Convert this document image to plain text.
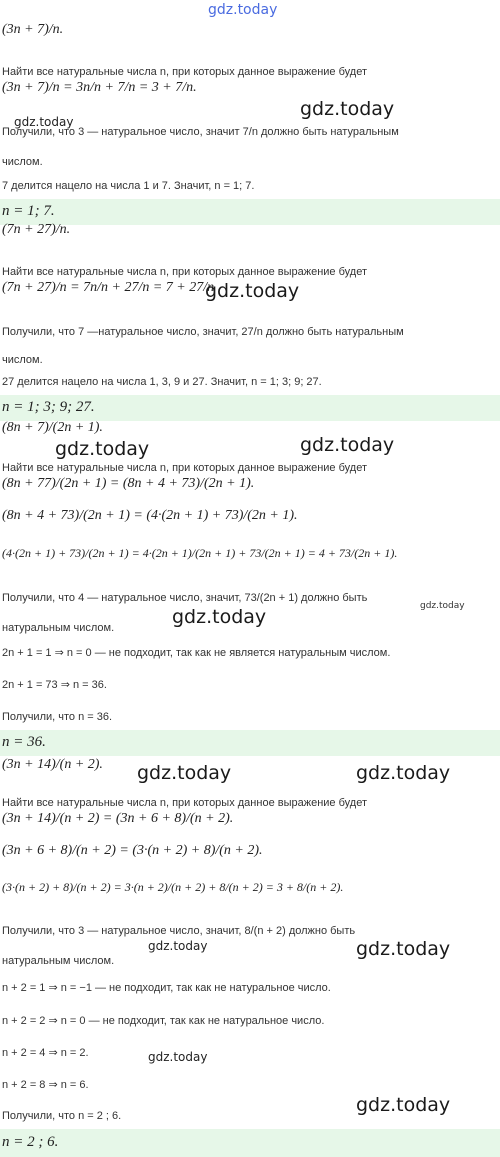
gdz.today
(3n + 7)/n.
Найти все натуральные числа n, при которых данное выражение будет
(3n + 7)/n = 3n/n + 7/n = 3 + 7/n.
gdz.today
Получили, что 3 — натуральное число, значит 7/n должно быть натуральным
gdz.today
числом.
7 делится нацело на числа 1 и 7. Значит, n = 1; 7.
n = 1; 7.
(7n + 27)/n.
Найти все натуральные числа n, при которых данное выражение будет
(7n + 27)/n = 7n/n + 27/n = 7 + 27/n
gdz.today
Получили, что 7 —натуральное число, значит, 27/n должно быть натуральным
числом.
27 делится нацело на числа 1, 3, 9 и 27. Значит, n = 1; 3; 9; 27.
n = 1; 3; 9; 27.
(8n + 7)/(2n + 1).
gdz.today	gdz.today
Найти все натуральные числа n, при которых данное выражение будет
(8n + 77)/(2n + 1) = (8n + 4 + 73)/(2n + 1).
(8n + 4 + 73)/(2n + 1) = (4·(2n + 1) + 73)/(2n + 1).
(4·(2n + 1) + 73)/(2n + 1) = 4·(2n + 1)/(2n + 1) + 73/(2n + 1) = 4 + 73/(2n + 1).
Получили, что 4 — натуральное число, значит, 73/(2n + 1) должно быть
gdz.today
gdz.today
натуральным числом.
2n + 1 = 1 ⇒ n = 0 — не подходит, так как не является натуральным числом.
2n + 1 = 73 ⇒ n = 36.
Получили, что n = 36.
n = 36.
(3n + 14)/(n + 2). gdz.today	gdz.today
Найти все натуральные числа n, при которых данное выражение будет
(3n + 14)/(n + 2) = (3n + 6 + 8)/(n + 2).
(3n + 6 + 8)/(n + 2) = (3·(n + 2) + 8)/(n + 2).
(3·(n + 2) + 8)/(n + 2) = 3·(n + 2)/(n + 2) + 8/(n + 2) = 3 + 8/(n + 2).
Получили, что 3 — натуральное число, значит, 8/(n + 2) должно быть
gdz.today	gdz.today
натуральным числом.
n + 2 = 1 ⇒ n = −1 — не подходит, так как не натуральное число.
n + 2 = 2 ⇒ n = 0 — не подходит, так как не натуральное число.
n + 2 = 4 ⇒ n = 2.	gdz.today
n + 2 = 8 ⇒ n = 6.
gdz.today
Получили, что n = 2 ; 6.
n = 2 ; 6.
